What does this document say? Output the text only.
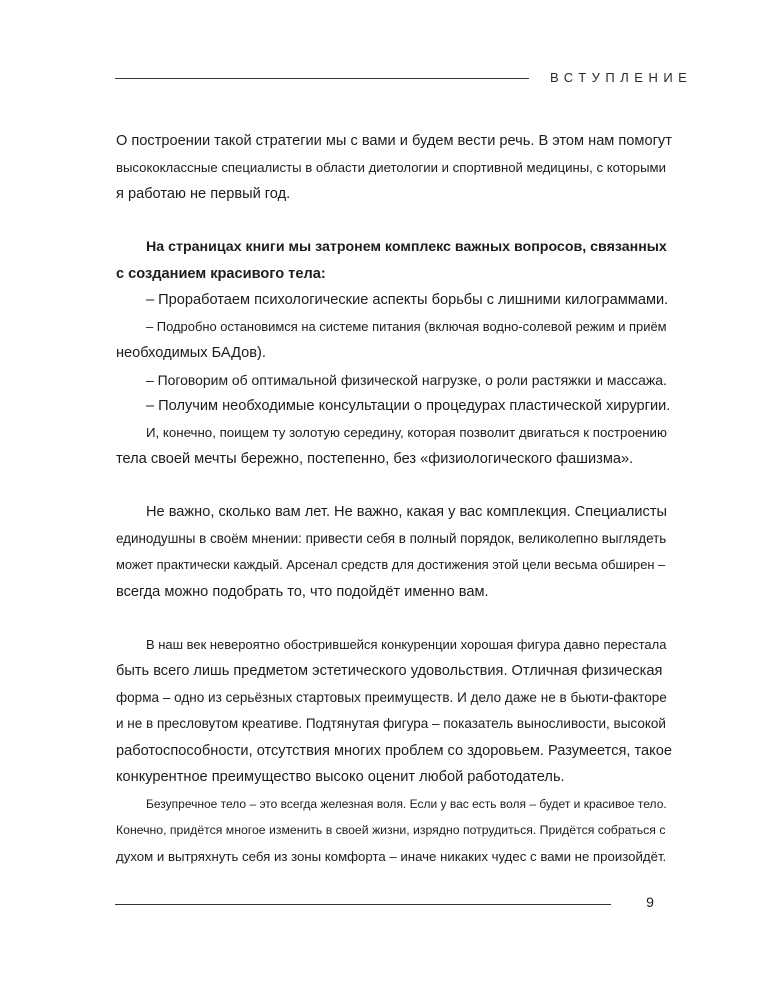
ВСТУПЛЕНИЕ

О построении такой стратегии мы с вами и будем вести речь. В этом нам помогут

высококлассные специалисты в области диетологии и спортивной медицины, с которыми

я работаю не первый год.

На страницах книги мы затронем комплекс важных вопросов, связанных

с созданием красивого тела:

– Проработаем психологические аспекты борьбы с лишними килограммами.

– Подробно остановимся на системе питания (включая водно-солевой режим и приём

необходимых БАДов).

– Поговорим об оптимальной физической нагрузке, о роли растяжки и массажа.

– Получим необходимые консультации о процедурах пластической хирургии.

И, конечно, поищем ту золотую середину, которая позволит двигаться к построению

тела своей мечты бережно, постепенно, без «физиологического фашизма».

Не важно, сколько вам лет. Не важно, какая у вас комплекция. Специалисты

единодушны в своём мнении: привести себя в полный порядок, великолепно выглядеть

может практически каждый. Арсенал средств для достижения этой цели весьма обширен –

всегда можно подобрать то, что подойдёт именно вам.

В наш век невероятно обострившейся конкуренции хорошая фигура давно перестала

быть всего лишь предметом эстетического удовольствия. Отличная физическая

форма – одно из серьёзных стартовых преимуществ. И дело даже не в бьюти-факторе

и не в пресловутом креативе. Подтянутая фигура – показатель выносливости, высокой

работоспособности, отсутствия многих проблем со здоровьем. Разумеется, такое

конкурентное преимущество высоко оценит любой работодатель.

Безупречное тело – это всегда железная воля. Если у вас есть воля – будет и красивое тело.

Конечно, придётся многое изменить в своей жизни, изрядно потрудиться. Придётся собраться с

духом и вытряхнуть себя из зоны комфорта – иначе никаких чудес с вами не произойдёт.

9
